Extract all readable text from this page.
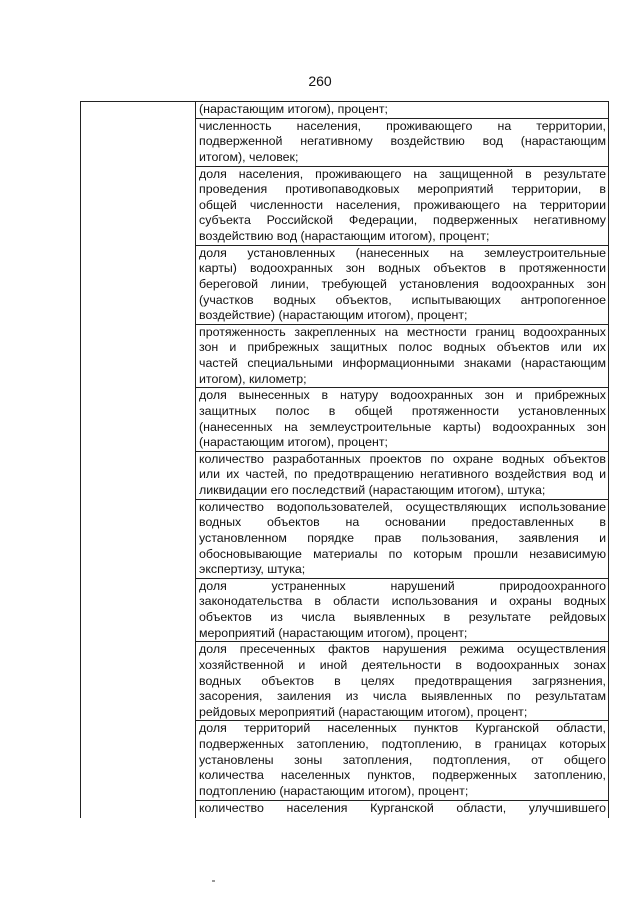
260
(нарастающим итогом), процент;
численность населения, проживающего на территории,
подверженной негативному воздействию вод (нарастающим
итогом), человек;
доля населения, проживающего на защищенной в результате
проведения противопаводковых мероприятий территории, в
общей численности населения, проживающего на территории
субъекта Российской Федерации, подверженных негативному
воздействию вод (нарастающим итогом), процент;
доля установленных (нанесенных на землеустроительные
карты) водоохранных зон водных объектов в протяженности
береговой линии, требующей установления водоохранных зон
(участков водных объектов, испытывающих антропогенное
воздействие) (нарастающим итогом), процент;
протяженность закрепленных на местности границ водоохранных
зон и прибрежных защитных полос водных объектов или их
частей специальными информационными знаками (нарастающим
итогом), километр;
доля вынесенных в натуру водоохранных зон и прибрежных
защитных полос в общей протяженности установленных
(нанесенных на землеустроительные карты) водоохранных зон
(нарастающим итогом), процент;
количество разработанных проектов по охране водных объектов
или их частей, по предотвращению негативного воздействия вод и
ликвидации его последствий (нарастающим итогом), штука;
количество водопользователей, осуществляющих использование
водных объектов на основании предоставленных в
установленном порядке прав пользования, заявления и
обосновывающие материалы по которым прошли независимую
экспертизу, штука;
доля устраненных нарушений природоохранного
законодательства в области использования и охраны водных
объектов из числа выявленных в результате рейдовых
мероприятий (нарастающим итогом), процент;
доля пресеченных фактов нарушения режима осуществления
хозяйственной и иной деятельности в водоохранных зонах
водных объектов в целях предотвращения загрязнения,
засорения, заиления из числа выявленных по результатам
рейдовых мероприятий (нарастающим итогом), процент;
доля территорий населенных пунктов Курганской области,
подверженных затоплению, подтоплению, в границах которых
установлены зоны затопления, подтопления, от общего
количества населенных пунктов, подверженных затоплению,
подтоплению (нарастающим итогом), процент;
количество населения Курганской области, улучшившего
